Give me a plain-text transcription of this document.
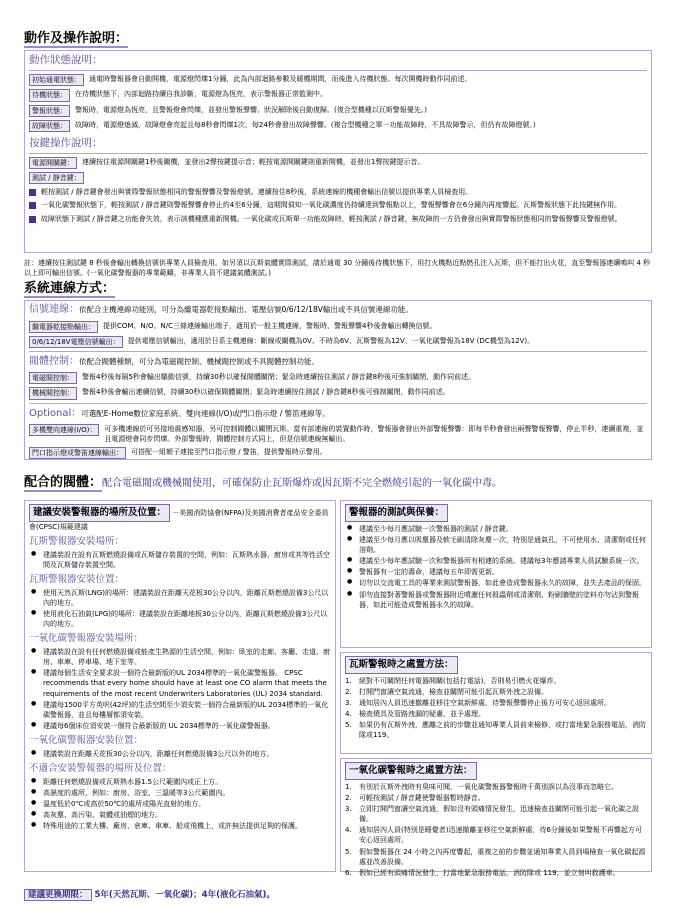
動作及操作說明：
動作狀態說明：
初始通電狀態：	通電時警報器會自動開機，電源燈閃爍1分鐘，此為內部迴路參數及暖機期間，而後進入待機狀態。每次開機時動作同前述。
待機狀態：	在待機狀態下，內部迴路持續自我診斷，電源燈為恆亮，表示警報器正常監測中。
警報狀態：	警報時，電源燈為恆亮，且警報燈會閃爍，並發出警報聲響。狀況解除後自動復歸。(復合型機種以瓦斯警報優先。)
故障狀態：	故障時，電源燈熄滅，故障燈會亮起且每8秒會閃爍1次，每24秒會發出故障聲響。(複合型機種之單一功能故障時，不具故障警示，但仍有故障燈號。)
按鍵操作說明：
電源開關鍵：	連續按住電源開關鍵1秒後關機，並發出2聲按鍵提示音；輕按電源開關鍵則重新開機，並發出1聲按鍵提示音。
測試 / 靜音鍵：
輕按測試 / 靜音鍵會發出與實際警報狀態相同的警報聲響及警報燈號。連續按住8秒後，系統連線的機種會輸出信號以提供專業人員檢查用。
一氧化碳警報狀態下，輕按測試 / 靜音鍵則警報聲響會停止約4至6分鐘，這期間偵知一氧化碳濃度仍持續達到警報點以上，警報聲響會在6分鐘內再度響起。瓦斯警報狀態下此按鍵無作用。
故障狀態下測試 / 靜音鍵之功能會失效，表示該機種應重新開機。一氧化碳或瓦斯單一功能故障時，輕按測試 / 靜音鍵，無故障的一方仍會發出與實際警報狀態相同的警報聲響及警報燈號。
註：連續按住測試鍵 8 秒後會輸出轉換信號供專業人員檢查用。如另須以瓦斯氣體實際測試，請於通電 30 分鐘後待機狀態下，用打火機點近點燃孔注入瓦斯，但不能打出火花，直至警報器連續鳴叫 4 秒以上即可輸出信號。(一氧化碳警報器的專業範疇，非專業人員不建議氣體測試。)
系統連線方式：
信號連線：依配合主機連線功能別，可分為繼電器乾接點輸出、電壓信號0/6/12/18V輸出或不具信號連線功能。
繼電器乾接點輸出：	提供COM、N/O、N/C三條連線輸出端子，適用於一般主機連線，警報時，警報聲響4秒後會輸出轉換信號。
0/6/12/18V電壓信號輸出：	提供電壓信號輸出，適用於日系主機連線：斷線或關機為0V、不時為6V、瓦斯警報為12V、一氧化碳警報為18V (DC機型為12V)。
閥體控制：依配合閥體種類，可分為電磁閥控制、機械閥控制或不具閥體控制功能。
電磁閥控制：	警報4秒後每隔5秒會輸出驅動信號，持續30秒以確保閥體關閉；緊急時連續按住測試 / 靜音鍵8秒後可強制關閉，動作同前述。
機械閥控制：	警報4秒後會輸出連續信號，持續30秒以確保閥體關閉；緊急時連續按住測試 / 靜音鍵8秒後可強制關閉，動作同前述。
Optional：可選配E-Home數位家庭系統、雙向連線(I/O)或門口指示燈 / 警笛連線等。
多機雙向連線(I/O)：	可多機連線於可另接地震感知器，另可控制閥體以關閉瓦斯。當有部連線的裝置動作時，警報器會發出外部警報聲響：即每半秒會發出兩聲警報聲響，停止半秒，連續重複，並且電源燈會同步閃爍。外部警報時，閥體控制方式同上，但是信號連線無輸出。
門口指示燈或警笛連線輸出：	可搭配一組額子連接至門口指示燈 / 警笛，提供警報時示警用。
配合的閥體：配合電磁閥或機械閥使用，可確保防止瓦斯爆炸或因瓦斯不完全燃燒引起的一氧化碳中毒。
建議安裝警報器的場所及位置： －美國消防協會(NFPA)及美國消費者產品安全委員會(CPSC)規範建議
瓦斯警報器安裝場所：
● 建議裝設在設有瓦斯燃燒設備或瓦斯儲存裝置的空間，例如：瓦斯熱水器、廚房或其等性活空間及瓦斯儲存裝置空間。
瓦斯警報器安裝位置：
● 使用天然瓦斯(LNG)的場所：建議裝設在距離天花板30公分以內，距離瓦斯燃燒設備3公尺以內的地方。
● 使用液化石油氣(LPG)的場所：建議裝設在距離地板30公分以內，距離瓦斯燃燒設備3公尺以內的地方。
一氧化碳警報器安裝場所：
● 建議裝設在設有任何燃燒設備或能產生熱源的生活空間，例如：臥室的走廊、客廳、走道、廚房、車庫、停車場、地下室等。
● 建議每個生活安全要求設一個符合最新版的UL 2034標準的一氧化碳警報器。 CPSC recommends that every home should have at least one CO alarm that meets the requirements of the most recent Underwriters Laboratories (UL) 2034 standard.
● 建議每1500平方英呎(42坪)的生活空間至少須安裝一個符合最新版的UL 2034標準的一氧化碳警報器，並且每樓層都須安裝。
● 建議每6個床位須安裝一個符合最新版的 UL 2034標準的一氧化碳警報器。
一氧化碳警報器安裝位置：
● 建議裝設在距離天花板30公分以內，距離任何燃燒設備3公尺以外的地方。
不適合安裝警報器的場所及位置：
● 距離任何燃燒設備或瓦斯熱水器1.5公尺範圍內或正上方。
● 高濕度的處所，例如：廚房、浴室、三溫暖等3公尺範圍內。
● 溫度低於0℃或高於50℃的處所或陽光直射的地方。
● 高灰塵、高污染、氣體或油煙的地方。
● 特殊用途的工業大樓、廠房、倉庫、車庫、船或飛機上，或許無法提供足夠的保護。
警報器的測試與保養：
● 建議至少每月應試驗一次警報器的測試 / 靜音鍵。
● 建議至少每月應以吸塵器及軟毛刷清除灰塵一次，特別是通氣孔，不可使用水、清潔劑或任何溶劑。
● 建議至少每年應試驗一次和警報器所有相連的系統。建議每3年應請專業人員試驗系統一次。
● 警報器有一定的壽命，建議每五年即需更新。
● 切勿以交流電工具的專業來測試警報器，如此會造成警報器永久的故障，並失去產品的保固。
● 卻勿直接對著警報器或警報器附近噴灑任何殺蟲劑或清潔劑、粉刷牆壁的塗料亦勿沾到警報器，如此可能造成警報器永久的故障。
瓦斯警報時之處置方法：
1. 絕對不可關閉任何電器開關(包括打電話)，否則易引燃火花爆炸。
2. 打開門窗讓空氣流通，檢查並關閉可能引起瓦斯外洩之設備。
3. 通知居內人員迅速撤離並移往空氣新鮮處，待警報聲響停止後方可安心返回處所。
4. 檢查燒具及管路洩漏的疑慮，並予處理。
5. 如果仍有瓦斯外洩，應離之前的步驟並通知專業人員前來檢修，或打當地緊急服務電話，消防隊或119。
一氧化碳警報時之處置方法：
1. 有別於瓦斯外洩時有臭味可聞，一氧化碳警報器警報時千萬別誤以為沒事而忽略它。
2. 可輕按測試 / 靜音鍵使警報器暫時靜音。
3. 立即打開門窗讓空氣流通，假如沒有頭痛情況發生，迅速檢查並關閉可能引起一氧化碳之設備。
4. 通知居內人員(特別是睡覺者)迅速撤離並移往空氣新鮮處，待6分鐘後如果警報不再響起方可安心返回處所。
5. 假如警報器在 24 小時之內再度響起，重複之前的步驟並通知專業人員到場檢查一氧化碳起源處並改善設備。
6. 假如已經有頭痛情況發生，打當地緊急服務電話，消防隊或 119，並立刻叫救護車。
建議更換期限： 5年(天然瓦斯、一氧化碳)；4年(液化石油氣)。
